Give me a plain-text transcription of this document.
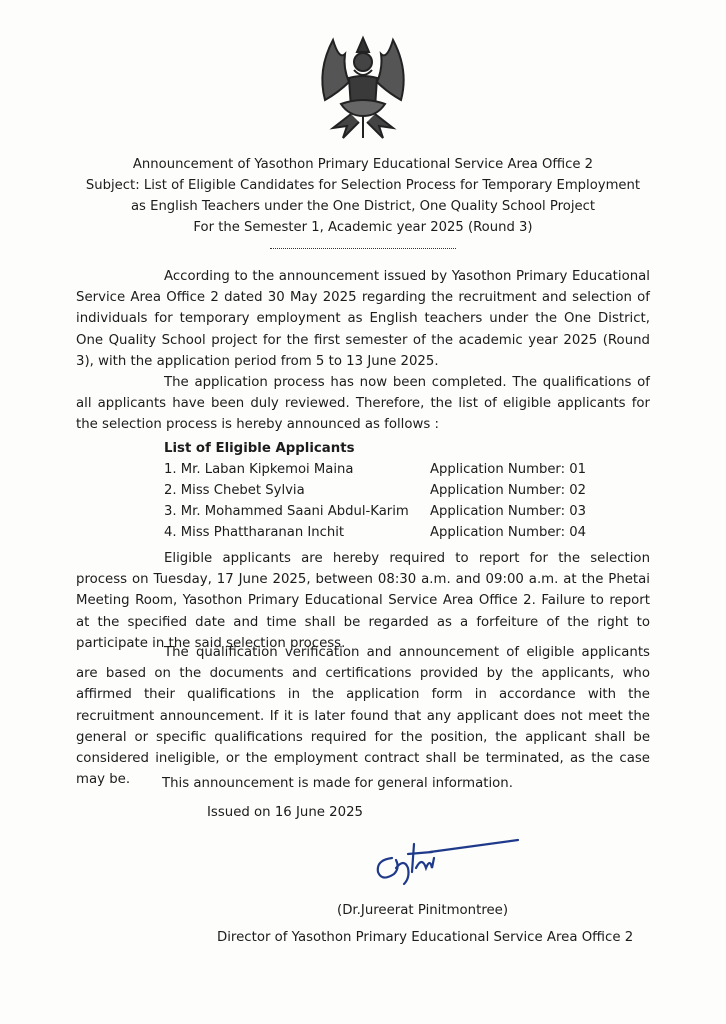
Announcement of Yasothon Primary Educational Service Area Office 2
Subject: List of Eligible Candidates for Selection Process for Temporary Employment
as English Teachers under the One District, One Quality School Project
For the Semester 1, Academic year 2025 (Round 3)
According to the announcement issued by Yasothon Primary Educational Service Area Office 2 dated 30 May 2025 regarding the recruitment and selection of individuals for temporary employment as English teachers under the One District, One Quality School project for the first semester of the academic year 2025 (Round 3), with the application period from 5 to 13 June 2025.
The application process has now been completed. The qualifications of all applicants have been duly reviewed. Therefore, the list of eligible applicants for the selection process is hereby announced as follows :
List of Eligible Applicants
1. Mr. Laban Kipkemoi Maina	Application Number: 01
2. Miss Chebet Sylvia	Application Number: 02
3. Mr. Mohammed Saani Abdul-Karim Application Number: 03
4. Miss Phattharanan Inchit	Application Number: 04
Eligible applicants are hereby required to report for the selection process on Tuesday, 17 June 2025, between 08:30 a.m. and 09:00 a.m. at the Phetai Meeting Room, Yasothon Primary Educational Service Area Office 2. Failure to report at the specified date and time shall be regarded as a forfeiture of the right to participate in the said selection process.
The qualification verification and announcement of eligible applicants are based on the documents and certifications provided by the applicants, who affirmed their qualifications in the application form in accordance with the recruitment announcement. If it is later found that any applicant does not meet the general or specific qualifications required for the position, the applicant shall be considered ineligible, or the employment contract shall be terminated, as the case may be.	This announcement is made for general information.
Issued on 16 June 2025
(Dr.Jureerat Pinitmontree)
Director of Yasothon Primary Educational Service Area Office 2
